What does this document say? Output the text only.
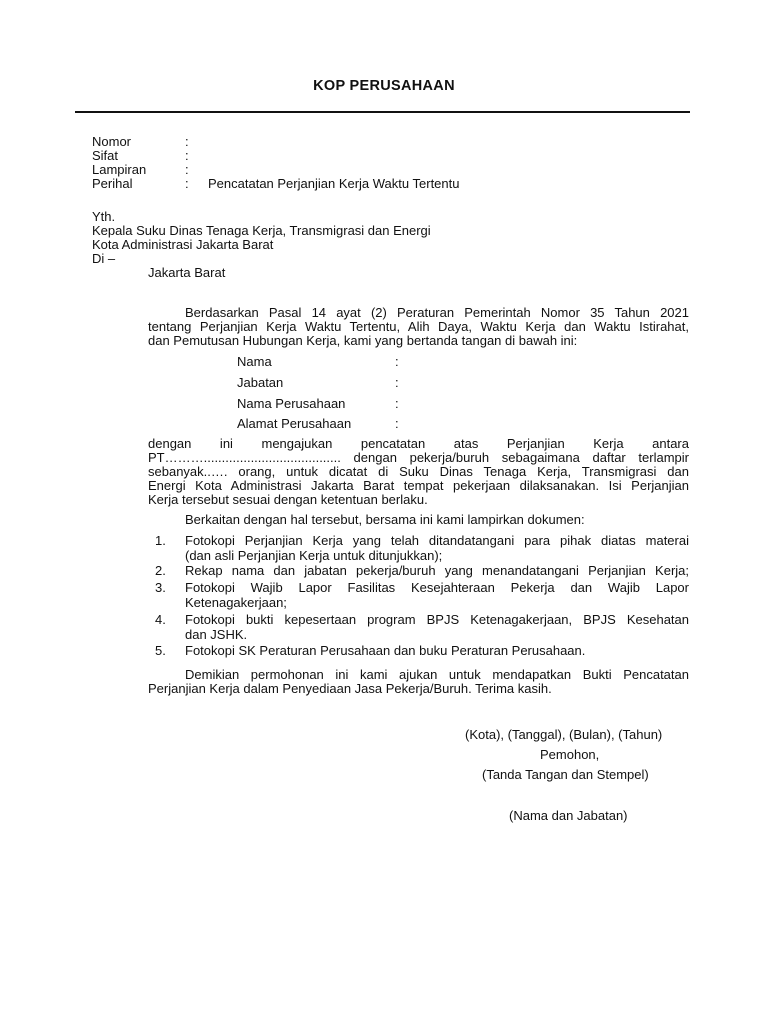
KOP PERUSAHAAN
Nomor	:
Sifat	:
Lampiran	:
Perihal	: Pencatatan Perjanjian Kerja Waktu Tertentu
Yth.
Kepala Suku Dinas Tenaga Kerja, Transmigrasi dan Energi
Kota Administrasi Jakarta Barat
Di –
Jakarta Barat
Berdasarkan Pasal 14 ayat (2) Peraturan Pemerintah Nomor 35 Tahun 2021
tentang Perjanjian Kerja Waktu Tertentu, Alih Daya, Waktu Kerja dan Waktu Istirahat,
dan Pemutusan Hubungan Kerja, kami yang bertanda tangan di bawah ini:
Nama	:
Jabatan	:
Nama Perusahaan	:
Alamat Perusahaan	:
dengan ini mengajukan pencatatan atas Perjanjian Kerja antara
PT………...................................... dengan pekerja/buruh sebagaimana daftar terlampir
sebanyak..…. orang, untuk dicatat di Suku Dinas Tenaga Kerja, Transmigrasi dan
Energi Kota Administrasi Jakarta Barat tempat pekerjaan dilaksanakan. Isi Perjanjian
Kerja tersebut sesuai dengan ketentuan berlaku.
Berkaitan dengan hal tersebut, bersama ini kami lampirkan dokumen:
1. Fotokopi Perjanjian Kerja yang telah ditandatangani para pihak diatas materai
(dan asli Perjanjian Kerja untuk ditunjukkan);
2. Rekap nama dan jabatan pekerja/buruh yang menandatangani Perjanjian Kerja;
3. Fotokopi Wajib Lapor Fasilitas Kesejahteraan Pekerja dan Wajib Lapor
Ketenagakerjaan;
4. Fotokopi bukti kepesertaan program BPJS Ketenagakerjaan, BPJS Kesehatan
dan JSHK.
5. Fotokopi SK Peraturan Perusahaan dan buku Peraturan Perusahaan.
Demikian permohonan ini kami ajukan untuk mendapatkan Bukti Pencatatan
Perjanjian Kerja dalam Penyediaan Jasa Pekerja/Buruh. Terima kasih.
(Kota), (Tanggal), (Bulan), (Tahun)
Pemohon,
(Tanda Tangan dan Stempel)
(Nama dan Jabatan)
